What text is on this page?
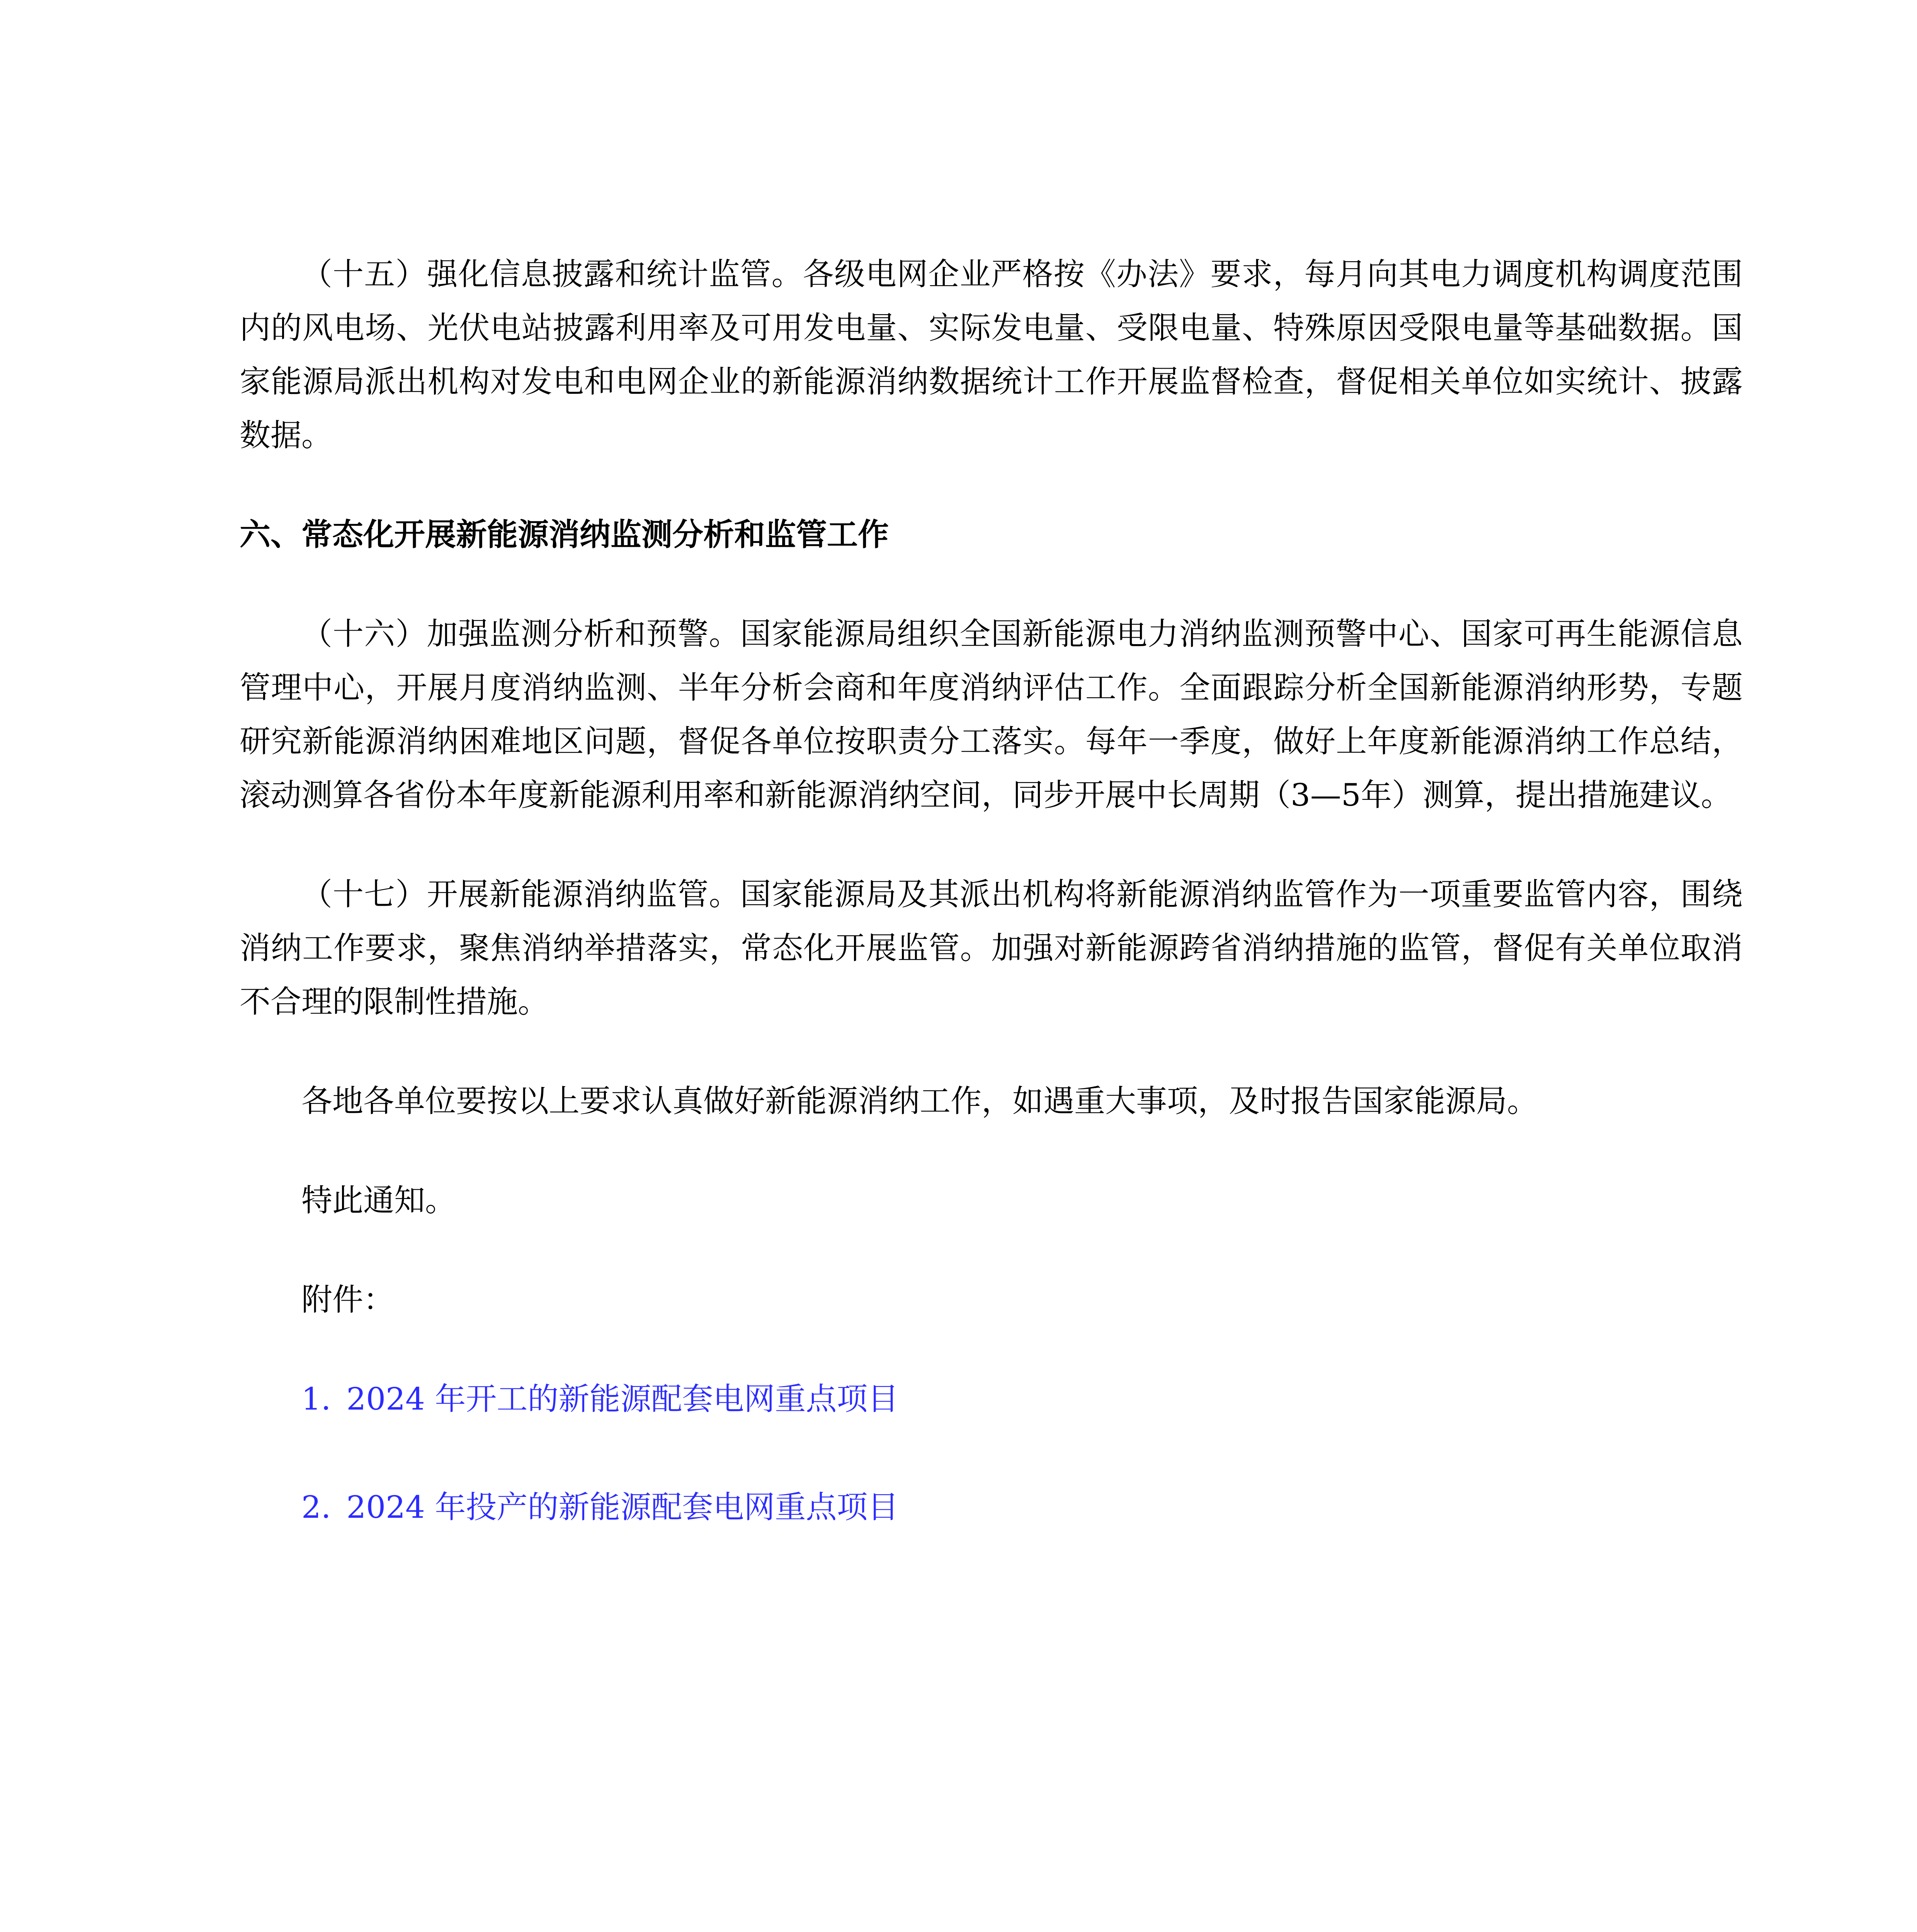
（十五）强化信息披露和统计监管。各级电网企业严格按《办法》要求，每月向其电力调度机构调度范围内的风电场、光伏电站披露利用率及可用发电量、实际发电量、受限电量、特殊原因受限电量等基础数据。国家能源局派出机构对发电和电网企业的新能源消纳数据统计工作开展监督检查，督促相关单位如实统计、披露数据。

六、常态化开展新能源消纳监测分析和监管工作

（十六）加强监测分析和预警。国家能源局组织全国新能源电力消纳监测预警中心、国家可再生能源信息管理中心，开展月度消纳监测、半年分析会商和年度消纳评估工作。全面跟踪分析全国新能源消纳形势，专题研究新能源消纳困难地区问题，督促各单位按职责分工落实。每年一季度，做好上年度新能源消纳工作总结，滚动测算各省份本年度新能源利用率和新能源消纳空间，同步开展中长周期（3—5年）测算，提出措施建议。

（十七）开展新能源消纳监管。国家能源局及其派出机构将新能源消纳监管作为一项重要监管内容，围绕消纳工作要求，聚焦消纳举措落实，常态化开展监管。加强对新能源跨省消纳措施的监管，督促有关单位取消不合理的限制性措施。

各地各单位要按以上要求认真做好新能源消纳工作，如遇重大事项，及时报告国家能源局。

特此通知。

附件：

1. 2024 年开工的新能源配套电网重点项目
2. 2024 年投产的新能源配套电网重点项目
